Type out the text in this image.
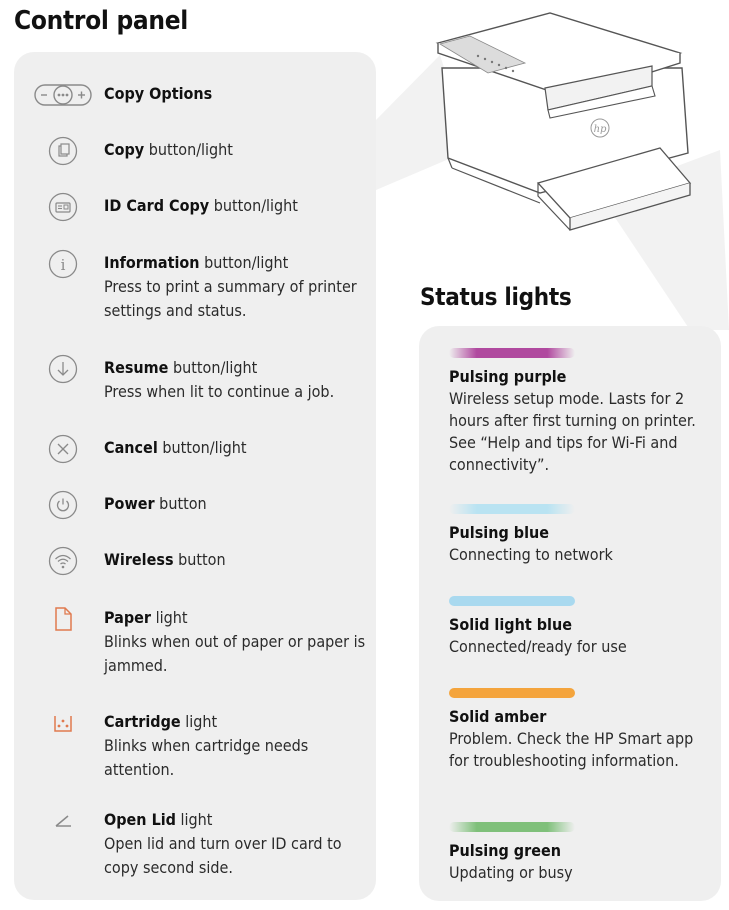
Control panel
Copy Options
Copy button/light
ID Card Copy button/light
i Information button/light
Press to print a summary of printer settings and status.
Resume button/light
Press when lit to continue a job.
Cancel button/light
Power button
Wireless button
Paper light
Blinks when out of paper or paper is jammed.
Cartridge light
Blinks when cartridge needs attention.
Open Lid light
Open lid and turn over ID card to copy second side.
hp
Status lights
Pulsing purple
Wireless setup mode. Lasts for 2 hours after first turning on printer. See “Help and tips for Wi-Fi and connectivity”.
Pulsing blue
Connecting to network
Solid light blue
Connected/ready for use
Solid amber
Problem. Check the HP Smart app for troubleshooting information.
Pulsing green
Updating or busy
